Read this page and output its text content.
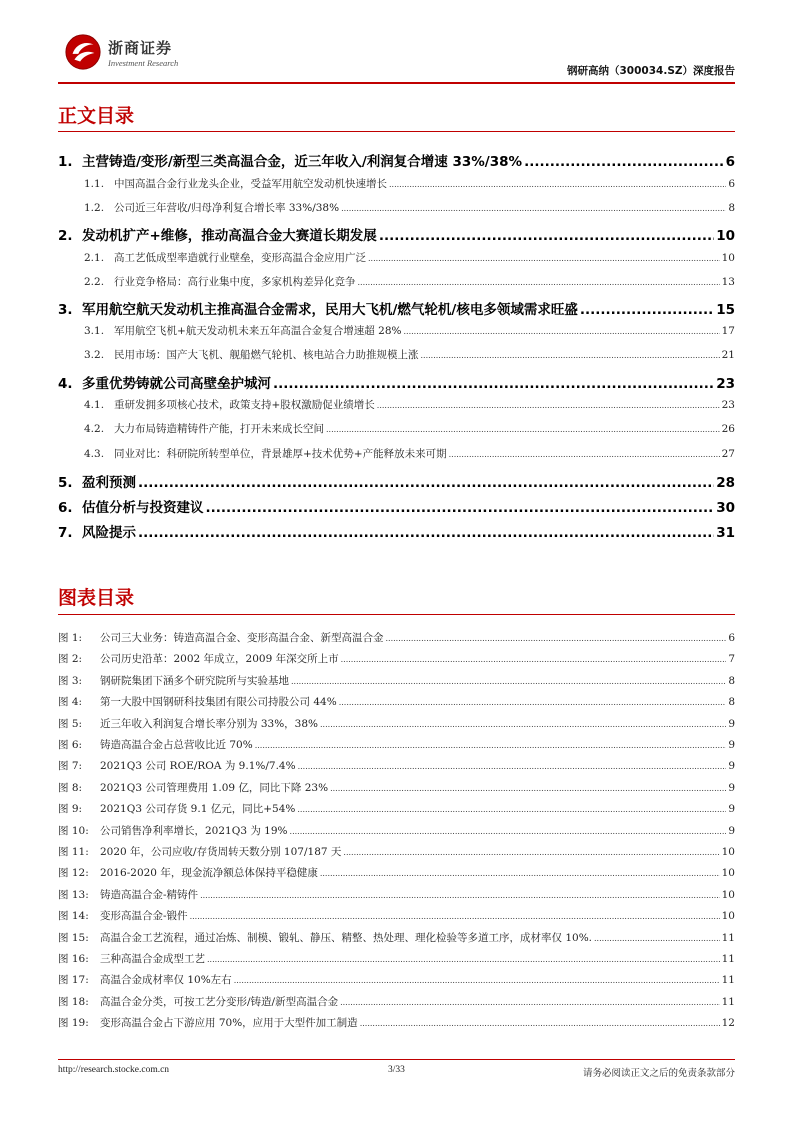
浙商证券
Investment Research
钢研高纳（300034.SZ）深度报告
正文目录
1. 主营铸造/变形/新型三类高温合金，近三年收入/利润复合增速 33%/38% .....	6
1.1. 中国高温合金行业龙头企业，受益军用航空发动机快速增长 .....	6
1.2. 公司近三年营收/归母净利复合增长率 33%/38% .....	8
2. 发动机扩产+维修，推动高温合金大赛道长期发展 .....	10
2.1. 高工艺低成型率造就行业壁垒，变形高温合金应用广泛 .....	10
2.2. 行业竞争格局：高行业集中度，多家机构差异化竞争 .....	13
3. 军用航空航天发动机主推高温合金需求，民用大飞机/燃气轮机/核电多领域需求旺盛 .....	15
3.1. 军用航空飞机+航天发动机未来五年高温合金复合增速超 28% .....	17
3.2. 民用市场：国产大飞机、舰船燃气轮机、核电站合力助推规模上涨 .....	21
4. 多重优势铸就公司高壁垒护城河 .....	23
4.1. 重研发拥多项核心技术，政策支持+股权激励促业绩增长 .....	23
4.2. 大力布局铸造精铸件产能，打开未来成长空间 .....	26
4.3. 同业对比：科研院所转型单位，背景雄厚+技术优势+产能释放未来可期 .....	27
5. 盈利预测 .....	28
6. 估值分析与投资建议 .....	30
7. 风险提示 .....	31
图表目录
图 1:	公司三大业务：铸造高温合金、变形高温合金、新型高温合金 .....	6
图 2:	公司历史沿革：2002 年成立，2009 年深交所上市 .....	7
图 3:	钢研院集团下涵多个研究院所与实验基地 .....	8
图 4:	第一大股中国钢研科技集团有限公司持股公司 44% .....	8
图 5:	近三年收入利润复合增长率分别为 33%，38% .....	9
图 6:	铸造高温合金占总营收比近 70% .....	9
图 7:	2021Q3 公司 ROE/ROA 为 9.1%/7.4% .....	9
图 8:	2021Q3 公司管理费用 1.09 亿，同比下降 23% .....	9
图 9:	2021Q3 公司存货 9.1 亿元，同比+54% .....	9
图 10:	公司销售净利率增长，2021Q3 为 19% .....	9
图 11:	2020 年，公司应收/存货周转天数分别 107/187 天 .....	10
图 12:	2016-2020 年，现金流净额总体保持平稳健康 .....	10
图 13:	铸造高温合金-精铸件 .....	10
图 14:	变形高温合金-锻件 .....	10
图 15:	高温合金工艺流程，通过冶炼、制模、锻轧、静压、精整、热处理、理化检验等多道工序，成材率仅 10%. .....	11
图 16:	三种高温合金成型工艺 .....	11
图 17:	高温合金成材率仅 10%左右 .....	11
图 18:	高温合金分类，可按工艺分变形/铸造/新型高温合金 .....	11
图 19:	变形高温合金占下游应用 70%，应用于大型件加工制造 .....	12
http://research.stocke.com.cn	3/33	请务必阅读正文之后的免责条款部分
